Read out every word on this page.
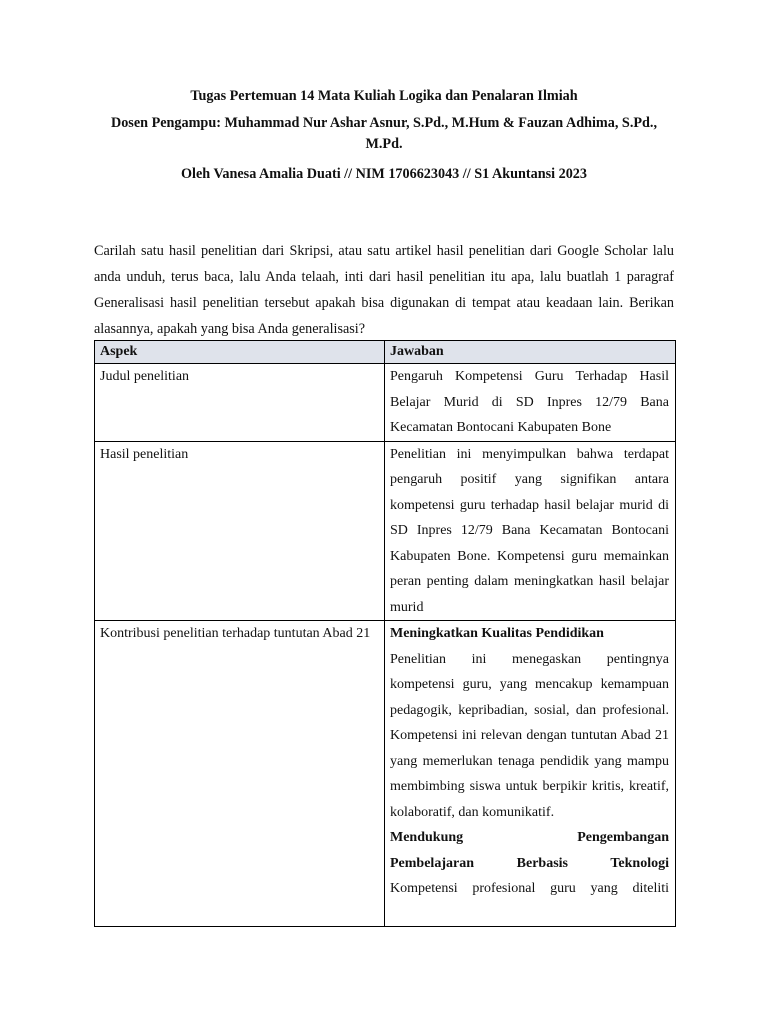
Tugas Pertemuan 14 Mata Kuliah Logika dan Penalaran Ilmiah
Dosen Pengampu: Muhammad Nur Ashar Asnur, S.Pd., M.Hum & Fauzan Adhima, S.Pd., M.Pd.
Oleh Vanesa Amalia Duati // NIM 1706623043 // S1 Akuntansi 2023

Carilah satu hasil penelitian dari Skripsi, atau satu artikel hasil penelitian dari Google Scholar lalu anda unduh, terus baca, lalu Anda telaah, inti dari hasil penelitian itu apa, lalu buatlah 1 paragraf Generalisasi hasil penelitian tersebut apakah bisa digunakan di tempat atau keadaan lain. Berikan alasannya, apakah yang bisa Anda generalisasi?

Aspek	Jawaban
Judul penelitian	Pengaruh Kompetensi Guru Terhadap Hasil Belajar Murid di SD Inpres 12/79 Bana Kecamatan Bontocani Kabupaten Bone
Hasil penelitian	Penelitian ini menyimpulkan bahwa terdapat pengaruh positif yang signifikan antara kompetensi guru terhadap hasil belajar murid di SD Inpres 12/79 Bana Kecamatan Bontocani Kabupaten Bone. Kompetensi guru memainkan peran penting dalam meningkatkan hasil belajar murid
Kontribusi penelitian terhadap tuntutan Abad 21	Meningkatkan Kualitas Pendidikan
Penelitian ini menegaskan pentingnya kompetensi guru, yang mencakup kemampuan pedagogik, kepribadian, sosial, dan profesional. Kompetensi ini relevan dengan tuntutan Abad 21 yang memerlukan tenaga pendidik yang mampu membimbing siswa untuk berpikir kritis, kreatif, kolaboratif, dan komunikatif.
Mendukung Pengembangan
Pembelajaran Berbasis Teknologi
Kompetensi profesional guru yang diteliti
